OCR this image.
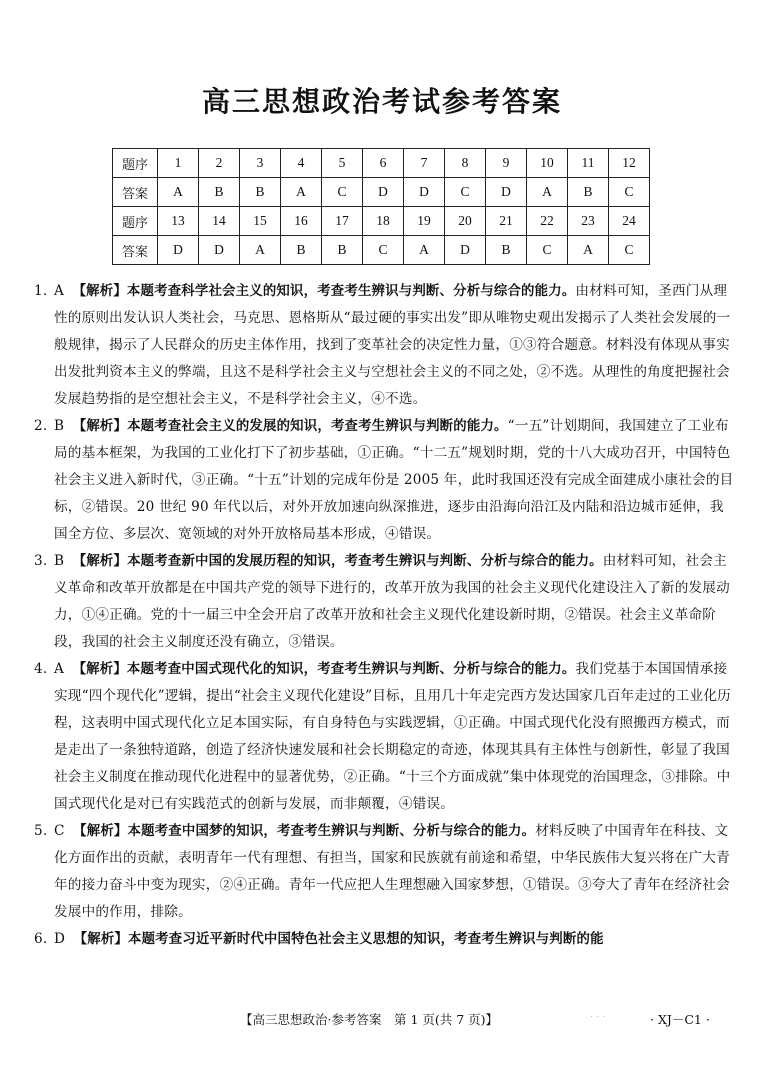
高三思想政治考试参考答案
题序	1	2	3	4	5	6	7	8	9	10	11	12
答案	A	B	B	A	C	D	D	C	D	A	B	C
题序	13	14	15	16	17	18	19	20	21	22	23	24
答案	D	D	A	B	B	C	A	D	B	C	A	C
1. A 【解析】本题考查科学社会主义的知识，考查考生辨识与判断、分析与综合的能力。由材料可知，圣西门从理性的原则出发认识人类社会，马克思、恩格斯从“最过硬的事实出发”即从唯物史观出发揭示了人类社会发展的一般规律，揭示了人民群众的历史主体作用，找到了变革社会的决定性力量，①③符合题意。材料没有体现从事实出发批判资本主义的弊端，且这不是科学社会主义与空想社会主义的不同之处，②不选。从理性的角度把握社会发展趋势指的是空想社会主义，不是科学社会主义，④不选。
2. B 【解析】本题考查社会主义的发展的知识，考查考生辨识与判断的能力。“一五”计划期间，我国建立了工业布局的基本框架，为我国的工业化打下了初步基础，①正确。“十二五”规划时期，党的十八大成功召开，中国特色社会主义进入新时代，③正确。“十五”计划的完成年份是 2005 年，此时我国还没有完成全面建成小康社会的目标，②错误。20 世纪 90 年代以后，对外开放加速向纵深推进，逐步由沿海向沿江及内陆和沿边城市延伸，我国全方位、多层次、宽领域的对外开放格局基本形成，④错误。
3. B 【解析】本题考查新中国的发展历程的知识，考查考生辨识与判断、分析与综合的能力。由材料可知，社会主义革命和改革开放都是在中国共产党的领导下进行的，改革开放为我国的社会主义现代化建设注入了新的发展动力，①④正确。党的十一届三中全会开启了改革开放和社会主义现代化建设新时期，②错误。社会主义革命阶段，我国的社会主义制度还没有确立，③错误。
4. A 【解析】本题考查中国式现代化的知识，考查考生辨识与判断、分析与综合的能力。我们党基于本国国情承接实现“四个现代化”逻辑，提出“社会主义现代化建设”目标，且用几十年走完西方发达国家几百年走过的工业化历程，这表明中国式现代化立足本国实际，有自身特色与实践逻辑，①正确。中国式现代化没有照搬西方模式，而是走出了一条独特道路，创造了经济快速发展和社会长期稳定的奇迹，体现其具有主体性与创新性，彰显了我国社会主义制度在推动现代化进程中的显著优势，②正确。“十三个方面成就”集中体现党的治国理念，③排除。中国式现代化是对已有实践范式的创新与发展，而非颠覆，④错误。
5. C 【解析】本题考查中国梦的知识，考查考生辨识与判断、分析与综合的能力。材料反映了中国青年在科技、文化方面作出的贡献，表明青年一代有理想、有担当，国家和民族就有前途和希望，中华民族伟大复兴将在广大青年的接力奋斗中变为现实，②④正确。青年一代应把人生理想融入国家梦想，①错误。③夸大了青年在经济社会发展中的作用，排除。
6. D 【解析】本题考查习近平新时代中国特色社会主义思想的知识，考查考生辨识与判断的能
【高三思想政治·参考答案　第 1 页(共 7 页)】	· · ·	· XJ－C1 ·
